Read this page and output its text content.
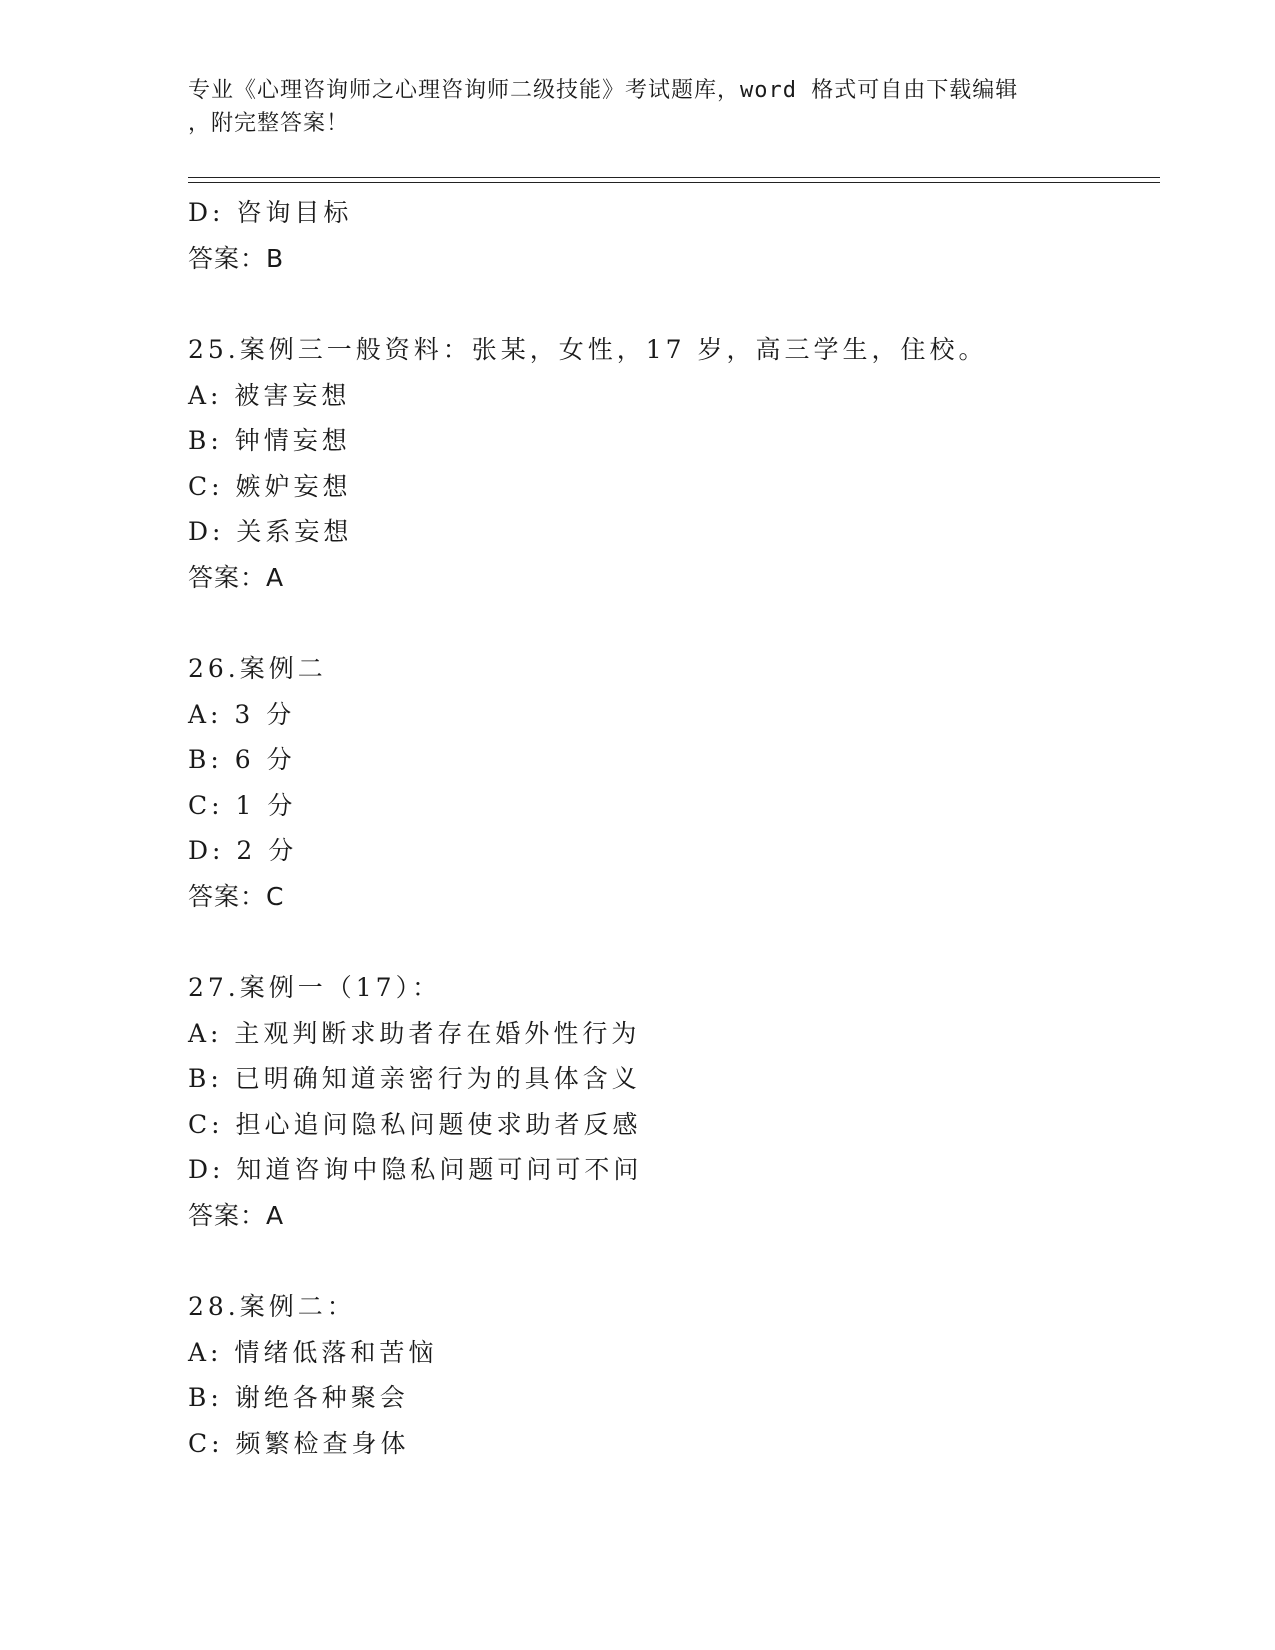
专业《心理咨询师之心理咨询师二级技能》考试题库，word 格式可自由下载编辑
，附完整答案！
D: 咨询目标
答案：B
25.案例三一般资料：张某，女性，17 岁，高三学生，住校。
A: 被害妄想
B: 钟情妄想
C: 嫉妒妄想
D: 关系妄想
答案：A
26.案例二
A: 3 分
B: 6 分
C: 1 分
D: 2 分
答案：C
27.案例一（17）：
A: 主观判断求助者存在婚外性行为
B: 已明确知道亲密行为的具体含义
C: 担心追问隐私问题使求助者反感
D: 知道咨询中隐私问题可问可不问
答案：A
28.案例二：
A: 情绪低落和苦恼
B: 谢绝各种聚会
C: 频繁检查身体
